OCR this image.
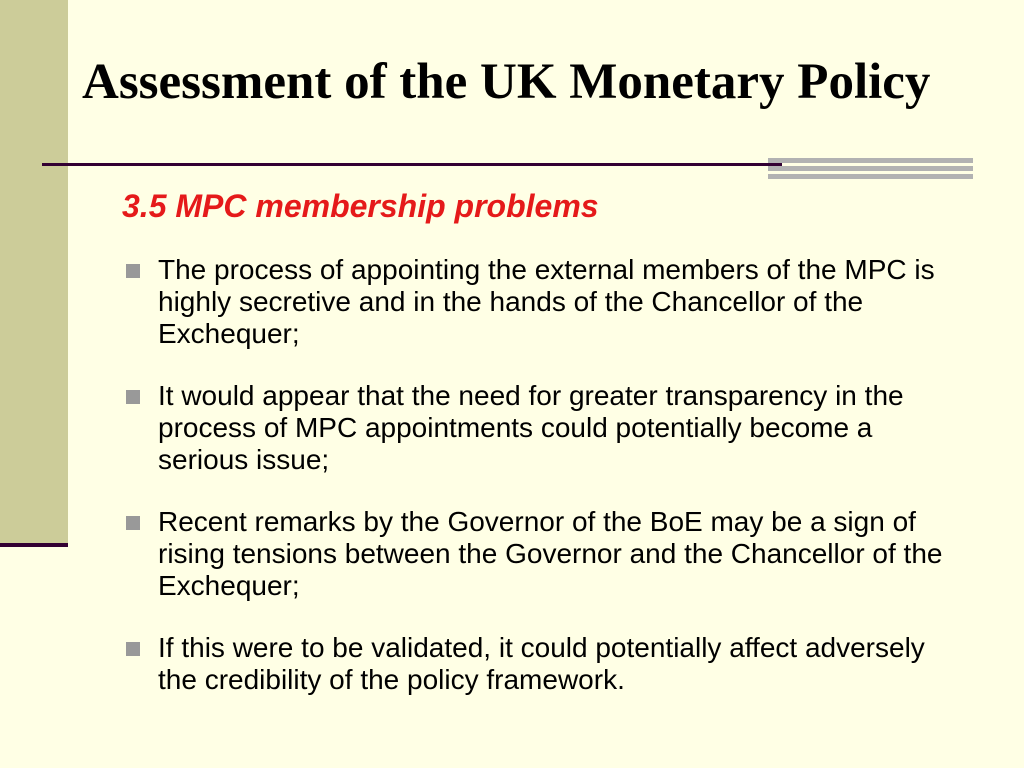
Assessment of the UK Monetary Policy
3.5 MPC membership problems
The process of appointing the external members of the MPC is highly secretive and in the hands of the Chancellor of the Exchequer;
It would appear that the need for greater transparency in the process of MPC appointments could potentially become a serious issue;
Recent remarks by the Governor of the BoE may be a sign of rising tensions between the Governor and the Chancellor of the Exchequer;
If this were to be validated, it could potentially affect adversely the credibility of the policy framework.
